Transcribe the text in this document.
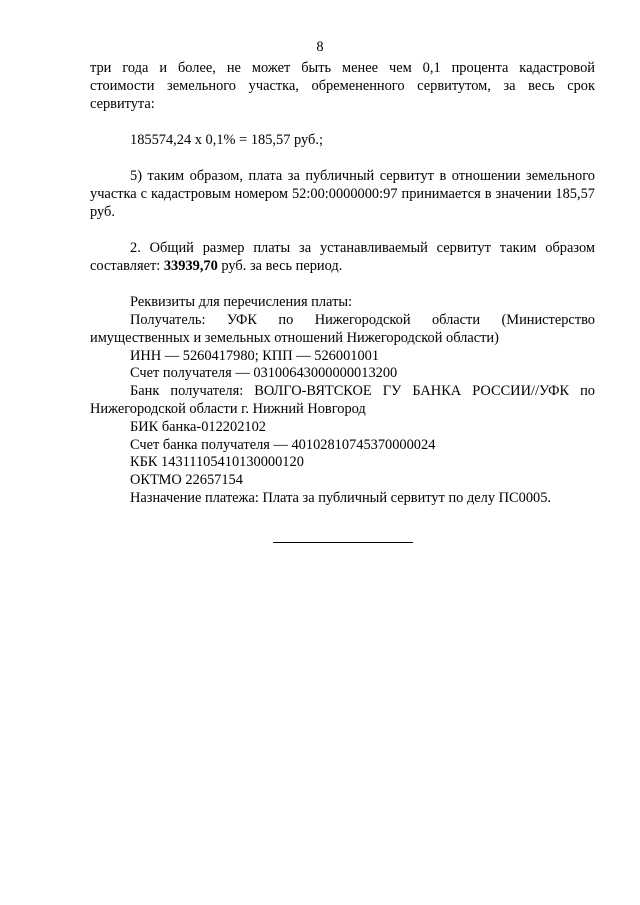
8

три года и более, не может быть менее чем 0,1 процента кадастровой

стоимости земельного участка, обремененного сервитутом, за весь срок

сервитута:

185574,24 х 0,1% = 185,57 руб.;

5) таким образом, плата за публичный сервитут в отношении земельного участка с кадастровым номером 52:00:0000000:97 принимается в значении 185,57 руб.

2. Общий размер платы за устанавливаемый сервитут таким образом составляет: 33939,70 руб. за весь период.

Реквизиты для перечисления платы:

Получатель: УФК по Нижегородской области (Министерство имущественных и земельных отношений Нижегородской области)

ИНН — 5260417980; КПП — 526001001

Счет получателя — 03100643000000013200

Банк получателя: ВОЛГО-ВЯТСКОЕ ГУ БАНКА РОССИИ//УФК по Нижегородской области г. Нижний Новгород

БИК банка-012202102

Счет банка получателя — 40102810745370000024

КБК 14311105410130000120

ОКТМО 22657154

Назначение платежа: Плата за публичный сервитут по делу ПС0005.
